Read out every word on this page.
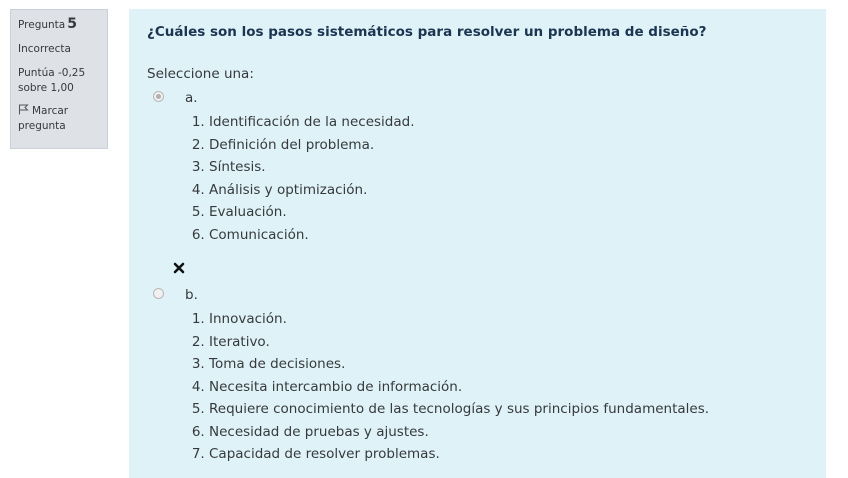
Pregunta 5
Incorrecta
Puntúa -0,25
sobre 1,00
Marcar
pregunta

¿Cuáles son los pasos sistemáticos para resolver un problema de diseño?

Seleccione una:

a.
1. Identificación de la necesidad.
2. Definición del problema.
3. Síntesis.
4. Análisis y optimización.
5. Evaluación.
6. Comunicación.
b.
1. Innovación.
2. Iterativo.
3. Toma de decisiones.
4. Necesita intercambio de información.
5. Requiere conocimiento de las tecnologías y sus principios fundamentales.
6. Necesidad de pruebas y ajustes.
7. Capacidad de resolver problemas.
